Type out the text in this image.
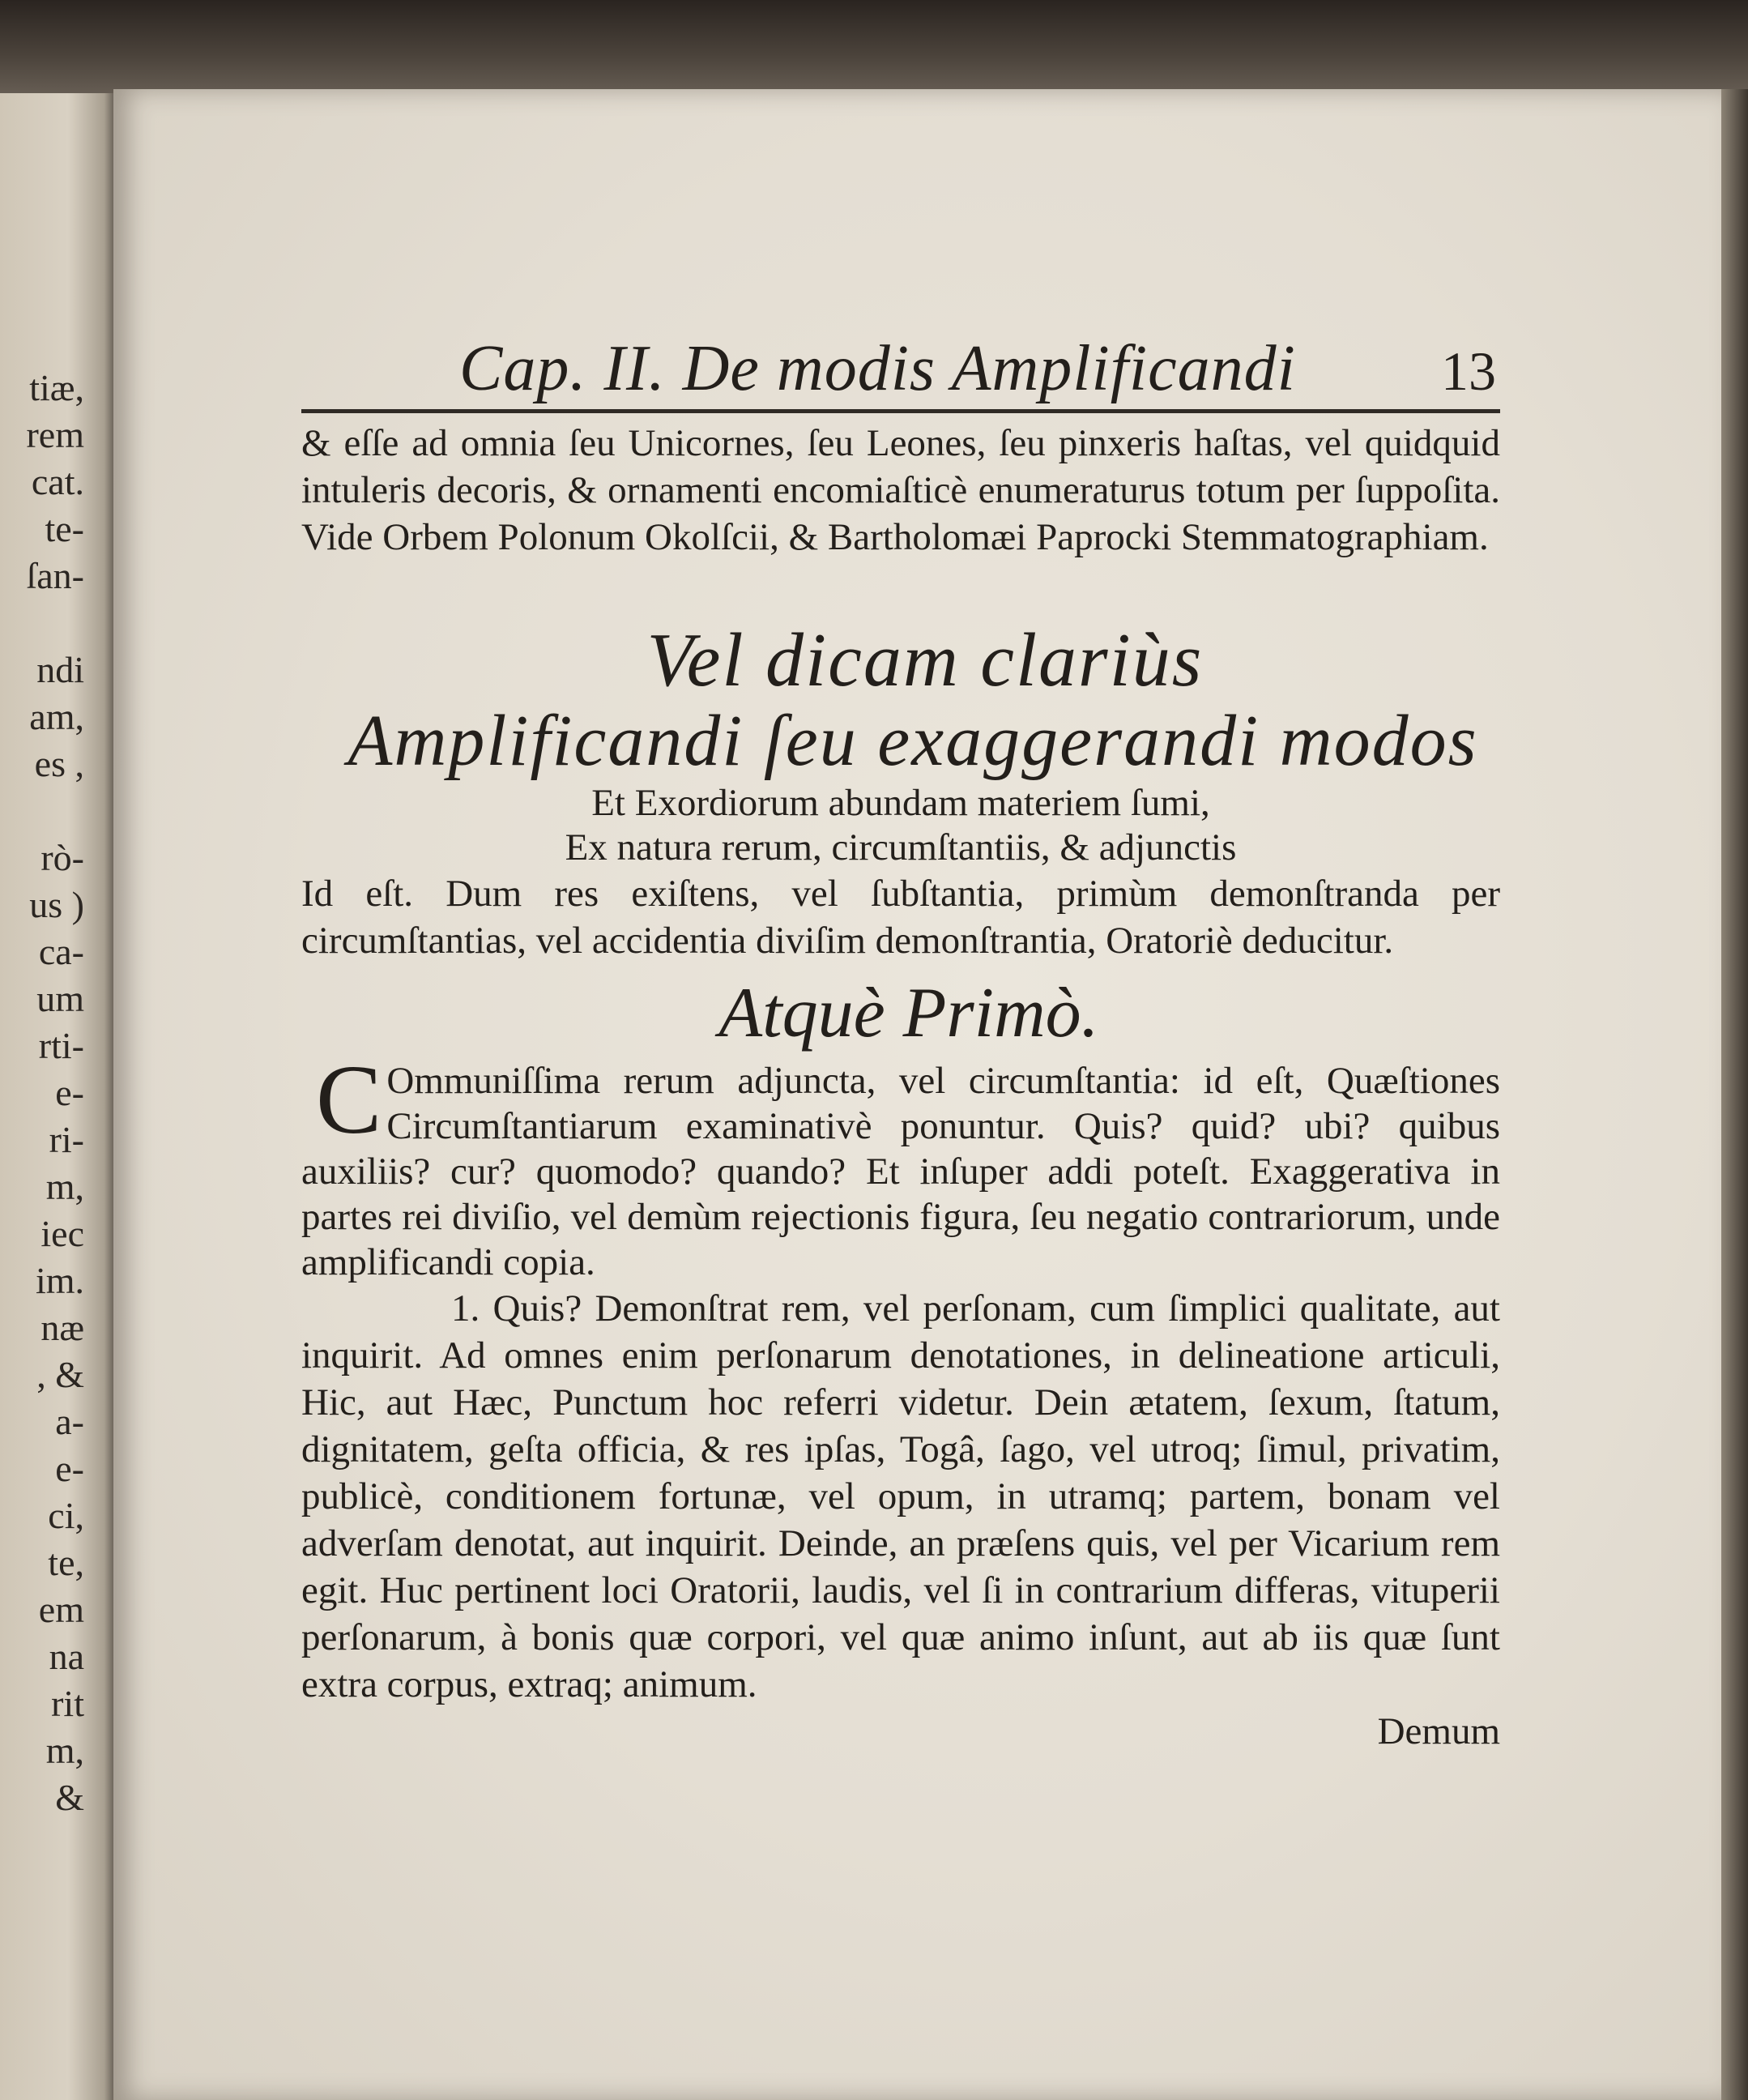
tiæ,
rem
cat.
te-
ſan-

ndi
am,
es ,

rò-
us )
ca-
um
rti-
e-
ri-
m,
iec
im.
næ
, &
a-
e-
ci,
te,
em
na
rit
m,
&
Cap. II. De modis Amplificandi	13

& eſſe ad omnia ſeu Unicornes, ſeu Leones, ſeu pinxeris haſtas, vel quidquid intuleris decoris, & ornamenti encomiaſticè enumeraturus totum per ſuppoſita. Vide Orbem Polonum Okolſcii, & Bartholomæi Paprocki Stemmatographiam.

Vel dicam clariùs

Amplificandi ſeu exaggerandi modos

Et Exordiorum abundam materiem ſumi,

Ex natura rerum, circumſtantiis, & adjunctis

Id eſt. Dum res exiſtens, vel ſubſtantia, primùm demonſtranda per circumſtantias, vel accidentia diviſim demonſtrantia, Oratoriè deducitur.

Atquè Primò.

C Ommuniſſima rerum adjuncta, vel circumſtantia: id eſt, Quæſtiones Circumſtantiarum examinativè ponuntur. Quis? quid? ubi? quibus auxiliis? cur? quomodo? quando? Et inſuper addi poteſt. Exaggerativa in partes rei diviſio, vel demùm rejectionis figura, ſeu negatio contrariorum, unde amplificandi copia.

1. Quis? Demonſtrat rem, vel perſonam, cum ſimplici qualitate, aut inquirit. Ad omnes enim perſonarum denotationes, in delineatione articuli, Hic, aut Hæc, Punctum hoc referri videtur. Dein ætatem, ſexum, ſtatum, dignitatem, geſta officia, & res ipſas, Togâ, ſago, vel utroq; ſimul, privatim, publicè, conditionem fortunæ, vel opum, in utramq; partem, bonam vel adverſam denotat, aut inquirit. Deinde, an præſens quis, vel per Vicarium rem egit. Huc pertinent loci Oratorii, laudis, vel ſi in contrarium differas, vituperii perſonarum, à bonis quæ corpori, vel quæ animo inſunt, aut ab iis quæ ſunt extra corpus, extraq; animum.

Demum
